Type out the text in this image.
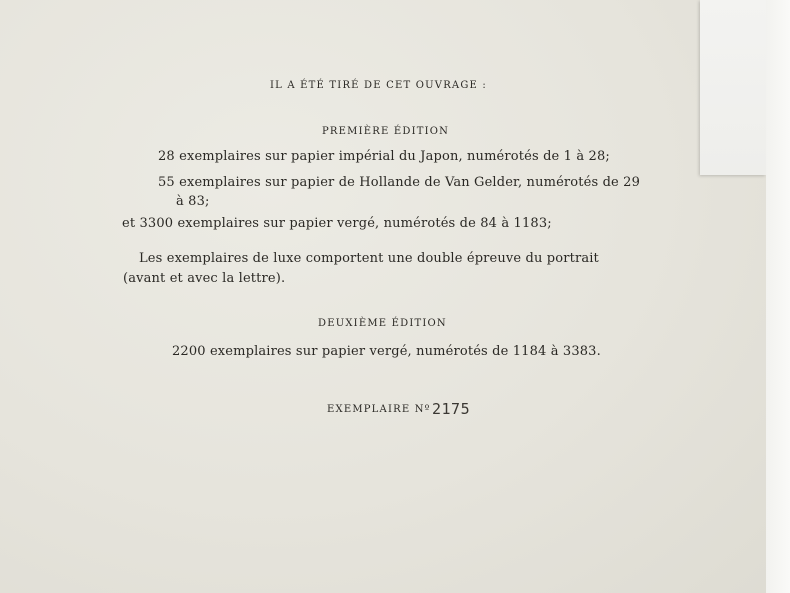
IL A ÉTÉ TIRÉ DE CET OUVRAGE :
PREMIÈRE ÉDITION
28 exemplaires sur papier impérial du Japon, numérotés de 1 à 28;
55 exemplaires sur papier de Hollande de Van Gelder, numérotés de 29
à 83;
et 3300 exemplaires sur papier vergé, numérotés de 84 à 1183;
Les exemplaires de luxe comportent une double épreuve du portrait
(avant et avec la lettre).
DEUXIÈME ÉDITION
2200 exemplaires sur papier vergé, numérotés de 1184 à 3383.
EXEMPLAIRE Nº 2175
